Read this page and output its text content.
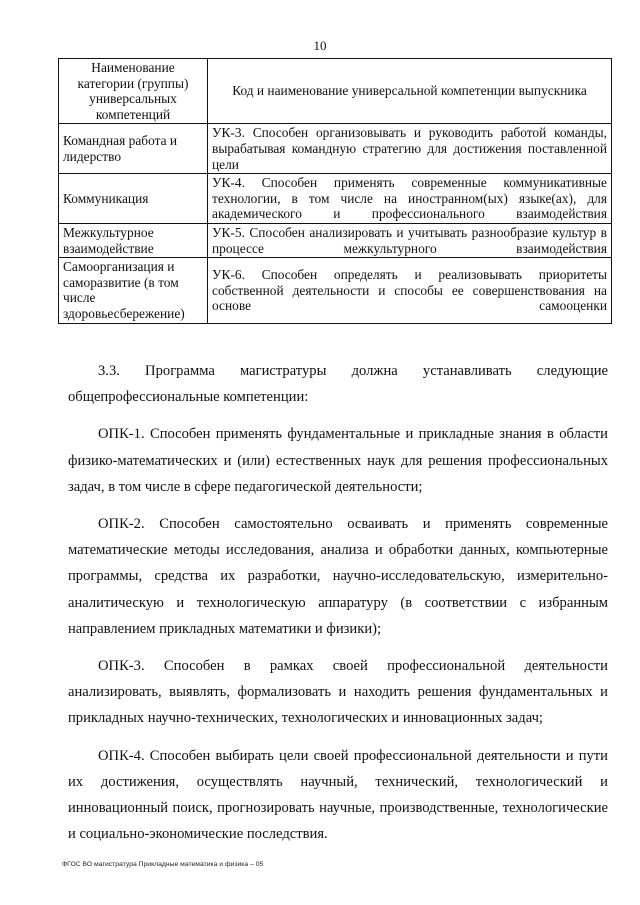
10
Наименование категории (группы) универсальных компетенций	Код и наименование универсальной компетенции выпускника
Командная работа и лидерство	УК-3. Способен организовывать и руководить работой команды, вырабатывая командную стратегию для достижения поставленной цели
Коммуникация	УК-4. Способен применять современные коммуникативные технологии, в том числе на иностранном(ых) языке(ах), для академического и профессионального взаимодействия
Межкультурное взаимодействие	УК-5. Способен анализировать и учитывать разнообразие культур в процессе межкультурного взаимодействия
Самоорганизация и саморазвитие (в том числе здоровьесбережение)	УК-6. Способен определять и реализовывать приоритеты собственной деятельности и способы ее совершенствования на основе самооценки

3.3. Программа магистратуры должна устанавливать следующие общепрофессиональные компетенции:

ОПК-1. Способен применять фундаментальные и прикладные знания в области физико-математических и (или) естественных наук для решения профессиональных задач, в том числе в сфере педагогической деятельности;

ОПК-2. Способен самостоятельно осваивать и применять современные математические методы исследования, анализа и обработки данных, компьютерные программы, средства их разработки, научно-исследовательскую, измерительно- аналитическую и технологическую аппаратуру (в соответствии с избранным направлением прикладных математики и физики);

ОПК-3. Способен в рамках своей профессиональной деятельности анализировать, выявлять, формализовать и находить решения фундаментальных и прикладных научно-технических, технологических и инновационных задач;

ОПК-4. Способен выбирать цели своей профессиональной деятельности и пути их достижения, осуществлять научный, технический, технологический и инновационный поиск, прогнозировать научные, производственные, технологические и социально-экономические последствия.

ФГОС ВО магистратура Прикладные математика и физика – 05
